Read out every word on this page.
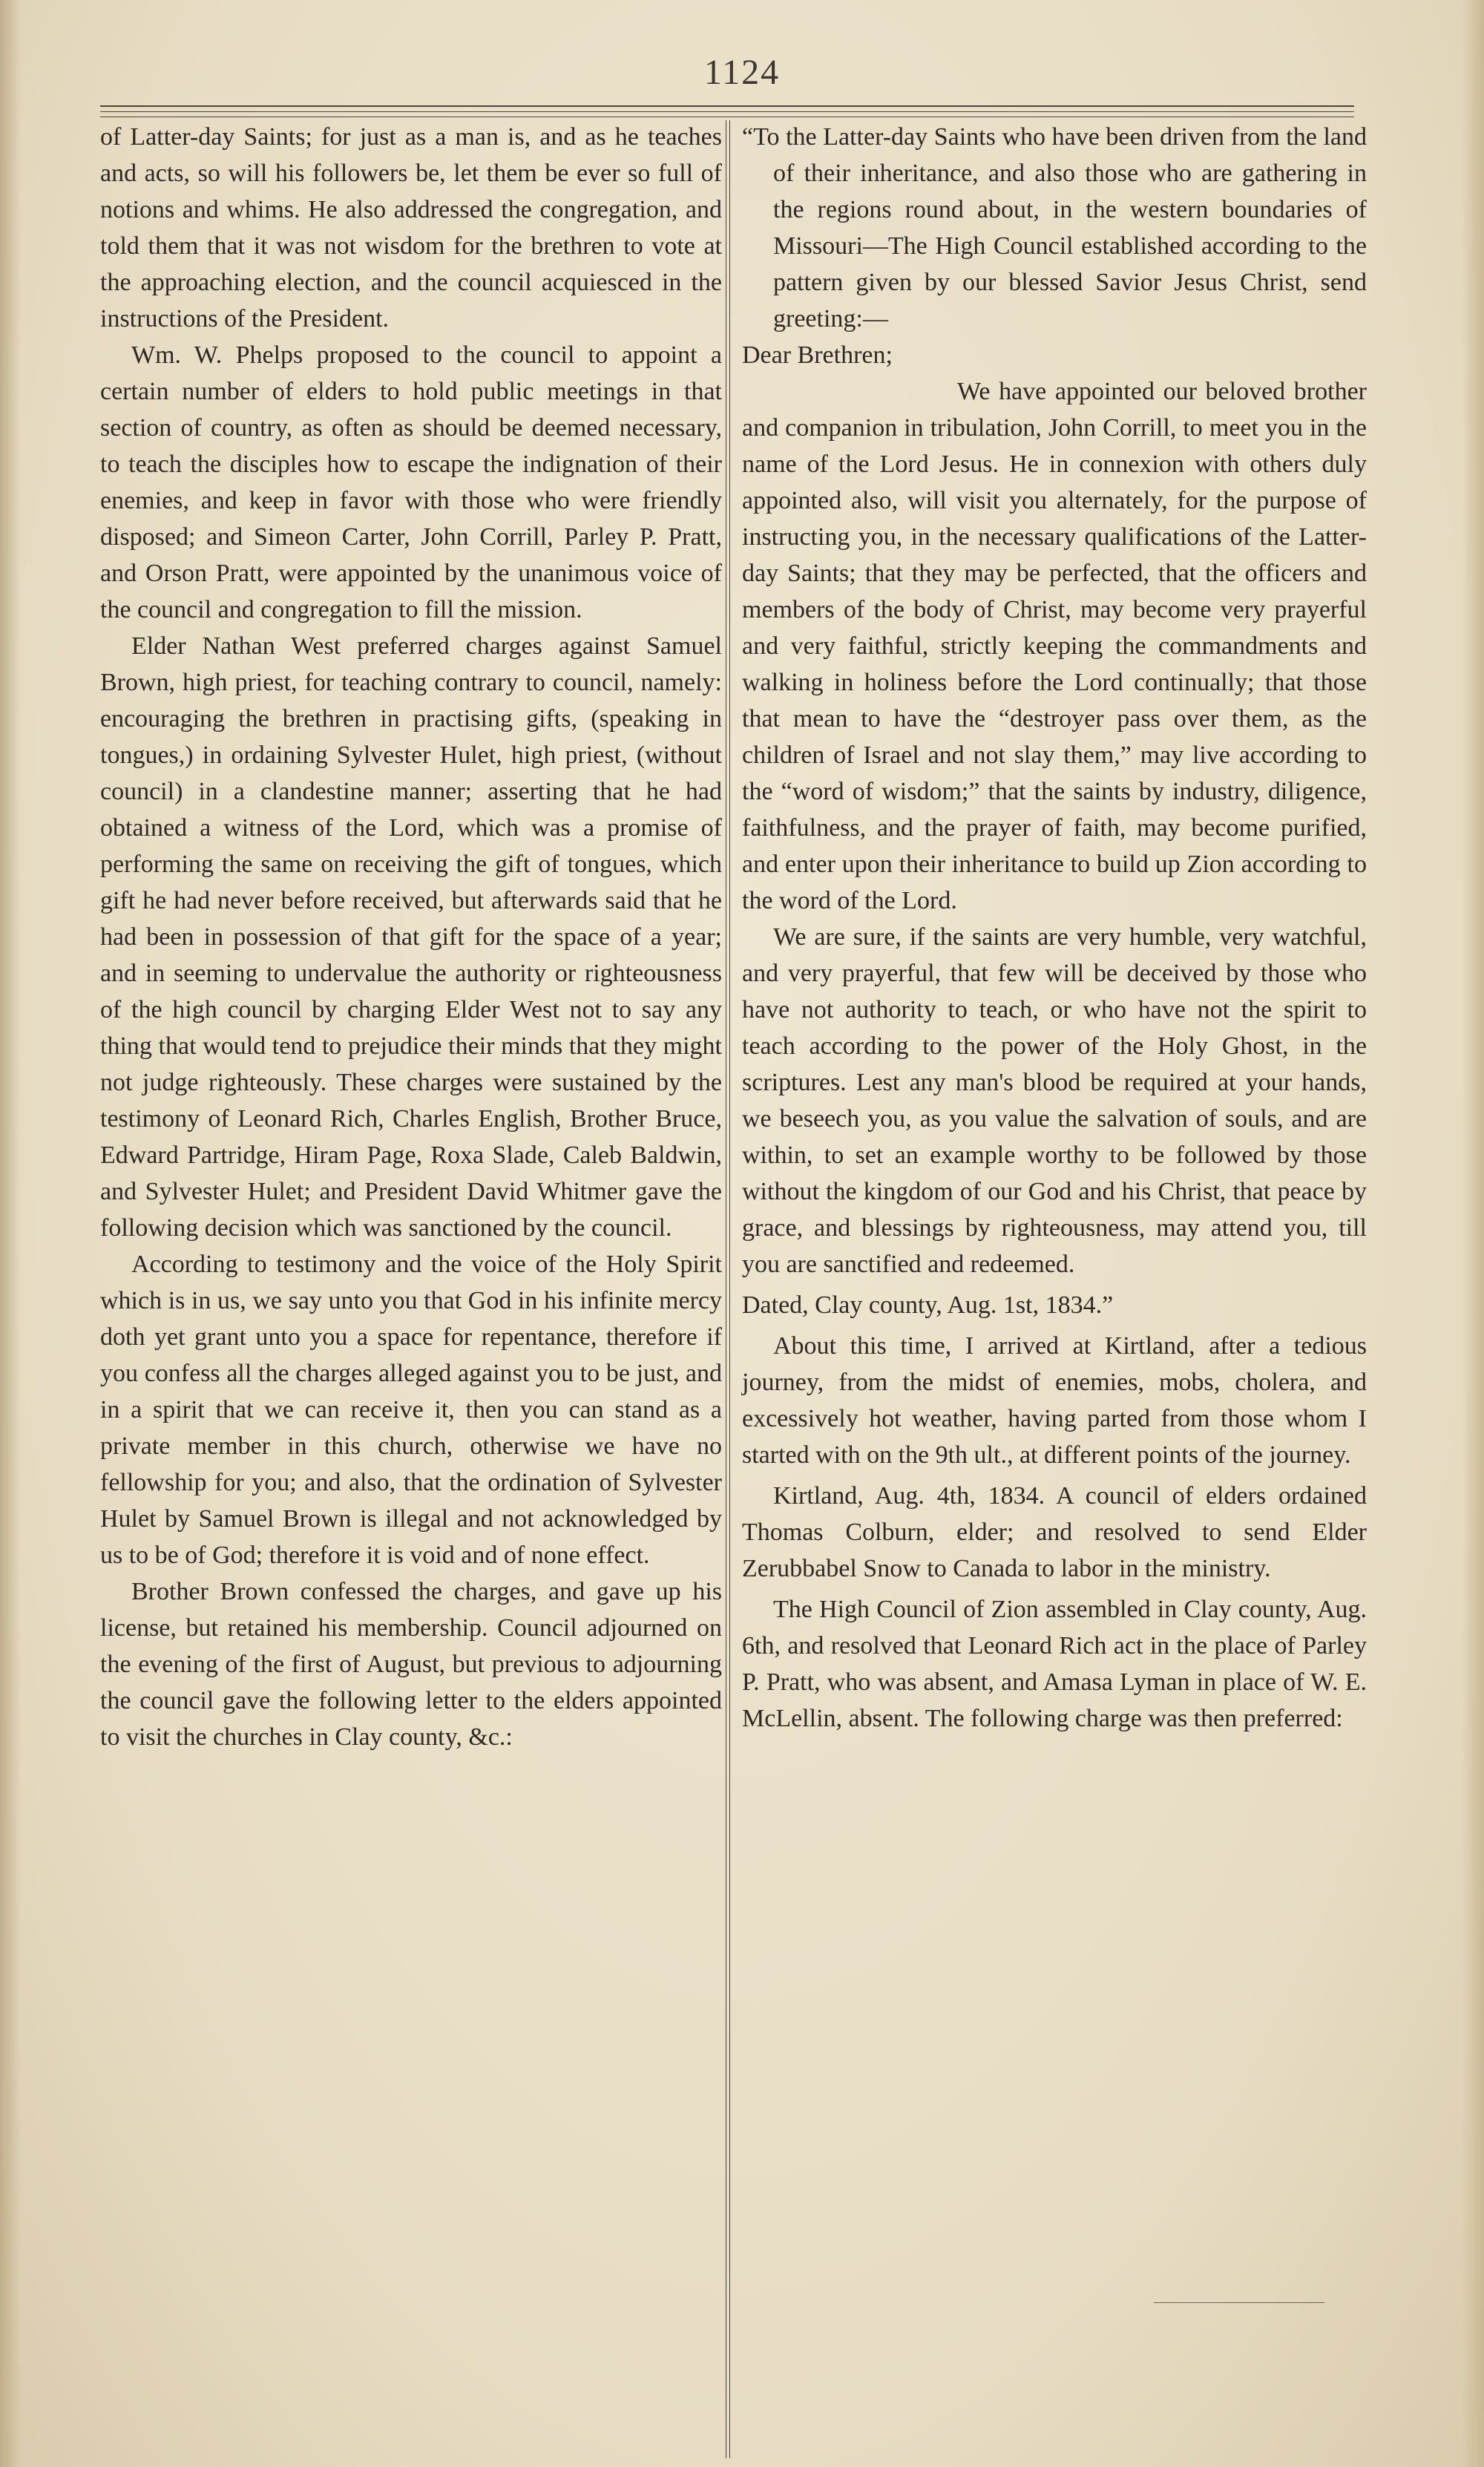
1124

of Latter-day Saints; for just as a man is, and as he teaches and acts, so will his followers be, let them be ever so full of notions and whims. He also addressed the congregation, and told them that it was not wisdom for the brethren to vote at the approaching election, and the council acquiesced in the instructions of the President.

Wm. W. Phelps proposed to the council to appoint a certain number of elders to hold public meetings in that section of country, as often as should be deemed necessary, to teach the disciples how to escape the indignation of their enemies, and keep in favor with those who were friendly disposed; and Simeon Carter, John Corrill, Parley P. Pratt, and Orson Pratt, were appointed by the unanimous voice of the council and congregation to fill the mission.

Elder Nathan West preferred charges against Samuel Brown, high priest, for teaching contrary to council, namely: encouraging the brethren in practising gifts, (speaking in tongues,) in ordaining Sylvester Hulet, high priest, (without council) in a clandestine manner; asserting that he had obtained a witness of the Lord, which was a promise of performing the same on receiving the gift of tongues, which gift he had never before received, but afterwards said that he had been in possession of that gift for the space of a year; and in seeming to undervalue the authority or righteousness of the high council by charging Elder West not to say any thing that would tend to prejudice their minds that they might not judge righteously. These charges were sustained by the testimony of Leonard Rich, Charles English, Brother Bruce, Edward Partridge, Hiram Page, Roxa Slade, Caleb Baldwin, and Sylvester Hulet; and President David Whitmer gave the following decision which was sanctioned by the council.

According to testimony and the voice of the Holy Spirit which is in us, we say unto you that God in his infinite mercy doth yet grant unto you a space for repentance, therefore if you confess all the charges alleged against you to be just, and in a spirit that we can receive it, then you can stand as a private member in this church, otherwise we have no fellowship for you; and also, that the ordination of Sylvester Hulet by Samuel Brown is illegal and not acknowledged by us to be of God; therefore it is void and of none effect.

Brother Brown confessed the charges, and gave up his license, but retained his membership. Council adjourned on the evening of the first of August, but previous to adjourning the council gave the following letter to the elders appointed to visit the churches in Clay county, &c.:

“To the Latter-day Saints who have been driven from the land of their inheritance, and also those who are gathering in the regions round about, in the western boundaries of Missouri—The High Council established according to the pattern given by our blessed Savior Jesus Christ, send greeting:—

Dear Brethren;

We have appointed our beloved brother and companion in tribulation, John Corrill, to meet you in the name of the Lord Jesus. He in connexion with others duly appointed also, will visit you alternately, for the purpose of instructing you, in the necessary qualifications of the Latter-day Saints; that they may be perfected, that the officers and members of the body of Christ, may become very prayerful and very faithful, strictly keeping the commandments and walking in holiness before the Lord continually; that those that mean to have the “destroyer pass over them, as the children of Israel and not slay them,” may live according to the “word of wisdom;” that the saints by industry, diligence, faithfulness, and the prayer of faith, may become purified, and enter upon their inheritance to build up Zion according to the word of the Lord.

We are sure, if the saints are very humble, very watchful, and very prayerful, that few will be deceived by those who have not authority to teach, or who have not the spirit to teach according to the power of the Holy Ghost, in the scriptures. Lest any man's blood be required at your hands, we beseech you, as you value the salvation of souls, and are within, to set an example worthy to be followed by those without the kingdom of our God and his Christ, that peace by grace, and blessings by righteousness, may attend you, till you are sanctified and redeemed.

Dated, Clay county, Aug. 1st, 1834.”

About this time, I arrived at Kirtland, after a tedious journey, from the midst of enemies, mobs, cholera, and excessively hot weather, having parted from those whom I started with on the 9th ult., at different points of the journey.

Kirtland, Aug. 4th, 1834. A council of elders ordained Thomas Colburn, elder; and resolved to send Elder Zerubbabel Snow to Canada to labor in the ministry.

The High Council of Zion assembled in Clay county, Aug. 6th, and resolved that Leonard Rich act in the place of Parley P. Pratt, who was absent, and Amasa Lyman in place of W. E. McLellin, absent. The following charge was then preferred:
